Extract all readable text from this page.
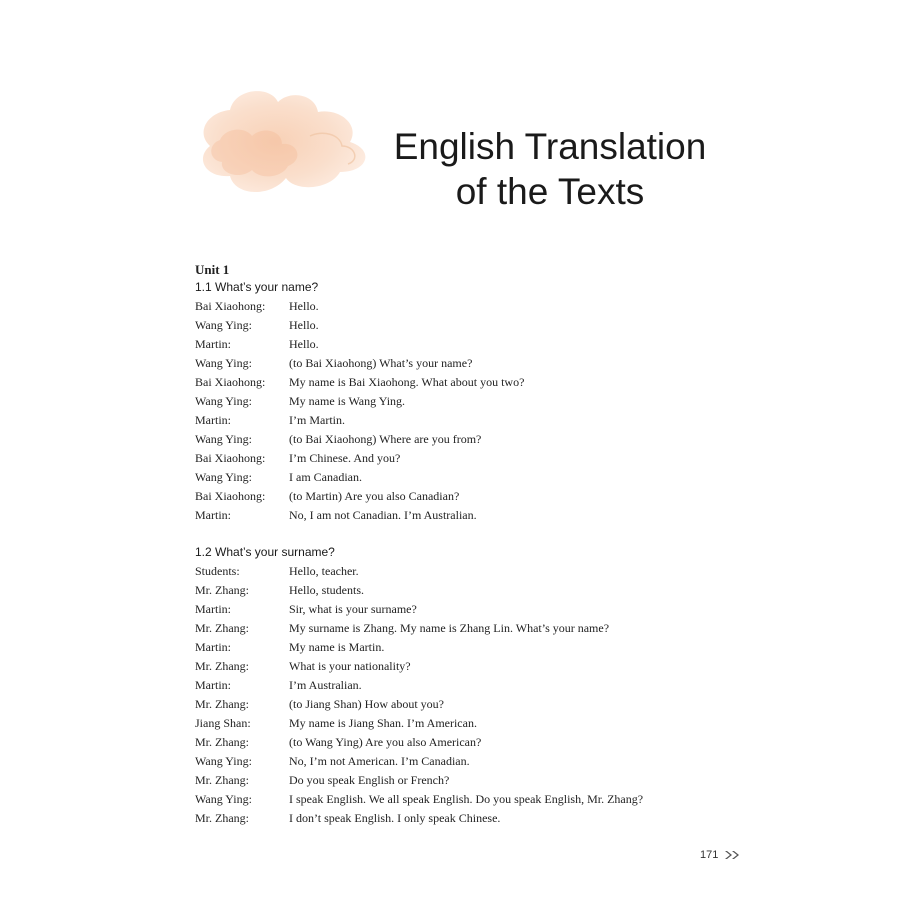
English Translation
of the Texts
Unit 1
1.1 What’s your name?
Bai Xiaohong:	Hello.
Wang Ying:	Hello.
Martin:	Hello.
Wang Ying:	(to Bai Xiaohong) What’s your name?
Bai Xiaohong:	My name is Bai Xiaohong. What about you two?
Wang Ying:	My name is Wang Ying.
Martin:	I’m Martin.
Wang Ying:	(to Bai Xiaohong) Where are you from?
Bai Xiaohong:	I’m Chinese. And you?
Wang Ying:	I am Canadian.
Bai Xiaohong:	(to Martin) Are you also Canadian?
Martin:	No, I am not Canadian. I’m Australian.
1.2 What’s your surname?
Students:	Hello, teacher.
Mr. Zhang:	Hello, students.
Martin:	Sir, what is your surname?
Mr. Zhang:	My surname is Zhang. My name is Zhang Lin. What’s your name?
Martin:	My name is Martin.
Mr. Zhang:	What is your nationality?
Martin:	I’m Australian.
Mr. Zhang:	(to Jiang Shan) How about you?
Jiang Shan:	My name is Jiang Shan. I’m American.
Mr. Zhang:	(to Wang Ying) Are you also American?
Wang Ying:	No, I’m not American. I’m Canadian.
Mr. Zhang:	Do you speak English or French?
Wang Ying:	I speak English. We all speak English. Do you speak English, Mr. Zhang?
Mr. Zhang:	I don’t speak English. I only speak Chinese.
171
